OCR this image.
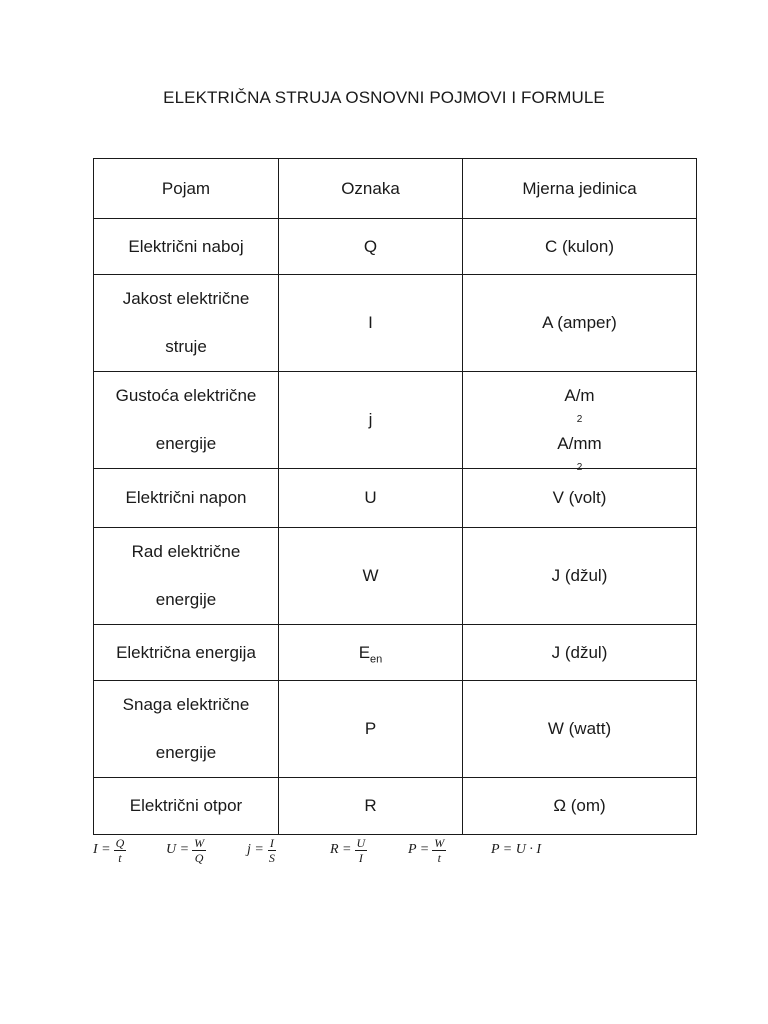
ELEKTRIČNA STRUJA OSNOVNI POJMOVI I FORMULE
Pojam	Oznaka	Mjerna jedinica
Električni naboj	Q	C (kulon)

Jakost električne
struje	I	A (amper)

Gustoća električne
energije	j	A/m
2
A/mm
2

Električni napon	U	V (volt)

Rad električne
energije	W	J (džul)
Električna energija	$E_{en}$	J (džul)

Snaga električne
energije	P	W (watt)
Električni otpor	R	Ω (om)
$I = \frac{Q}{t}$	$U = \frac{W}{Q}$	$j = \frac{I}{S}$	$R = \frac{U}{I}$	$P = \frac{W}{t}$	P = U · I
